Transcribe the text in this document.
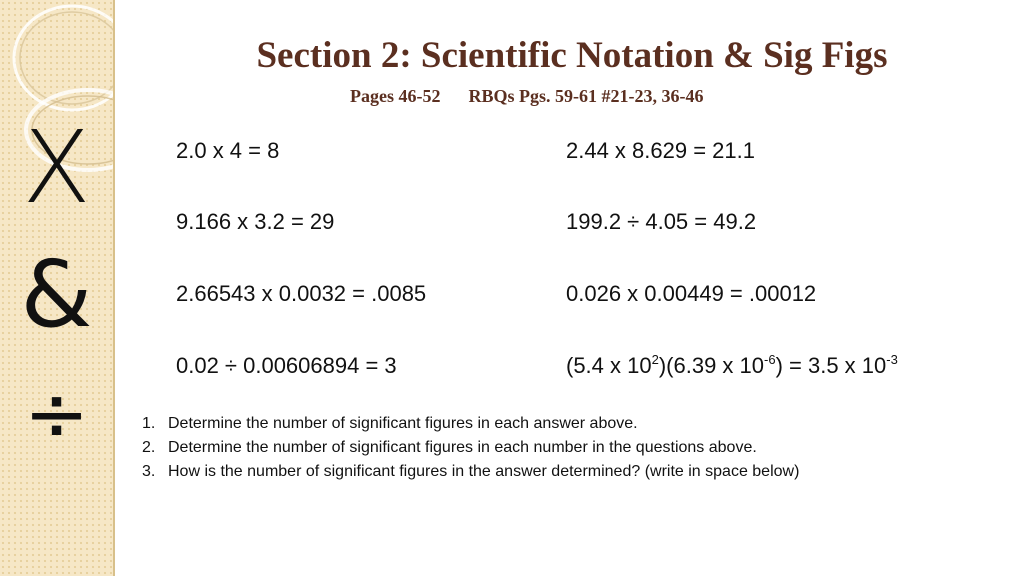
X
&
÷
Section 2: Scientific Notation & Sig Figs
Pages 46-52 RBQs Pgs. 59-61 #21-23, 36-46
2.0 x 4 = 8
9.166 x 3.2 = 29
2.66543 x 0.0032 = .0085
0.02 ÷ 0.00606894 = 3
2.44 x 8.629 = 21.1
199.2 ÷ 4.05 = 49.2
0.026 x 0.00449 = .00012
(5.4 x $10^2)(6.39$ x $10^{-6}) = 3.5$ x $10^{-3}$
1. Determine the number of significant figures in each answer above.
2. Determine the number of significant figures in each number in the questions above.
3. How is the number of significant figures in the answer determined? (write in space below)
